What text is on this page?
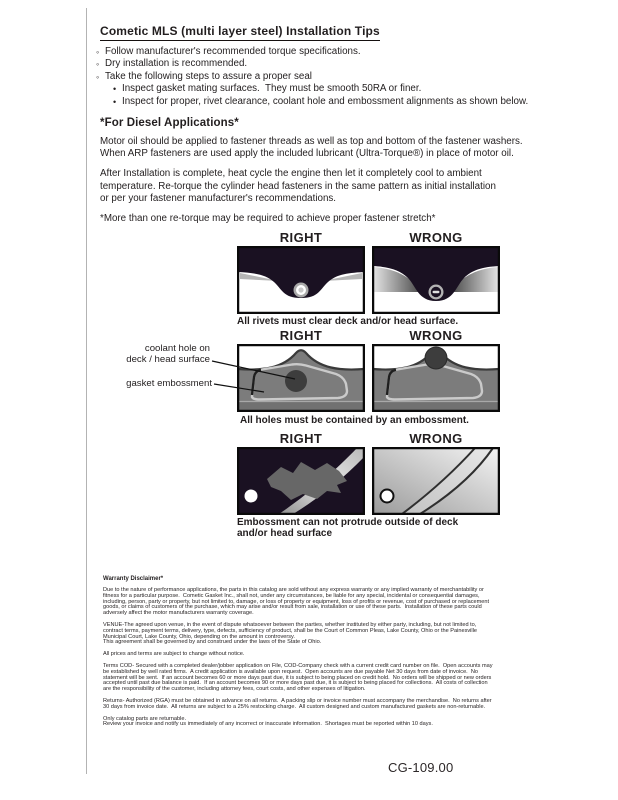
Cometic MLS (multi layer steel) Installation Tips
◦ Follow manufacturer's recommended torque specifications.
◦ Dry installation is recommended.
◦ Take the following steps to assure a proper seal
• Inspect gasket mating surfaces.  They must be smooth 50RA or finer.
• Inspect for proper, rivet clearance, coolant hole and embossment alignments as shown below.
*For Diesel Applications*
Motor oil should be applied to fastener threads as well as top and bottom of the fastener washers.
When ARP fasteners are used apply the included lubricant (Ultra-Torque®) in place of motor oil.
After Installation is complete, heat cycle the engine then let it completely cool to ambient
temperature. Re-torque the cylinder head fasteners in the same pattern as initial installation
or per your fastener manufacturer's recommendations.
*More than one re-torque may be required to achieve proper fastener stretch*
RIGHT	WRONG
All rivets must clear deck and/or head surface.
RIGHT	WRONG
coolant hole on
deck / head surface
gasket embossment
All holes must be contained by an embossment.
RIGHT	WRONG
Embossment can not protrude outside of deck
and/or head surface
Warranty Disclaimer*
Due to the nature of performance applications, the parts in this catalog are sold without any express warranty or any implied warranty of merchantability or
fitness for a particular purpose.  Cometic Gasket Inc., shall not, under any circumstances, be liable for any special, incidental or consequential damages,
including, person, party or property, but not limited to, damage, or loss of property or equipment, loss of profits or revenue, cost of purchased or replacement
goods, or claims of customers of the purchase, which may arise and/or result from sale, installation or use of these parts.  Installation of these parts could
adversely affect the motor manufacturers warranty coverage.
VENUE-The agreed upon venue, in the event of dispute whatsoever between the parties, whether instituted by either party, including, but not limited to,
contract terms, payment terms, delivery, type, defects, sufficiency of product, shall be the Court of Common Pleas, Lake County, Ohio or the Painesville
Municipal Court, Lake County, Ohio, depending on the amount in controversy.
This agreement shall be governed by and construed under the laws of the State of Ohio.
All prices and terms are subject to change without notice.
Terms COD- Secured with a completed dealer/jobber application on File, COD-Company check with a current credit card number on file.  Open accounts may
be established by well rated firms.  A credit application is available upon request.  Open accounts are due payable Net 30 days from date of invoice.  No
statement will be sent.  If an account becomes 60 or more days past due, it is subject to being placed on credit hold.  No orders will be shipped or new orders
accepted until past due balance is paid.  If an account becomes 90 or more days past due, it is subject to being placed for collections.  All costs of collection
are the responsibility of the customer, including attorney fees, court costs, and other expenses of litigation.
Returns- Authorized (RGA) must be obtained in advance on all returns.  A packing slip or invoice number must accompany the merchandise.  No returns after
30 days from invoice date.  All returns are subject to a 25% restocking charge.  All custom designed and custom manufactured gaskets are non-returnable.
Only catalog parts are returnable.
Review your invoice and notify us immediately of any incorrect or inaccurate information.  Shortages must be reported within 10 days.
CG-109.00
